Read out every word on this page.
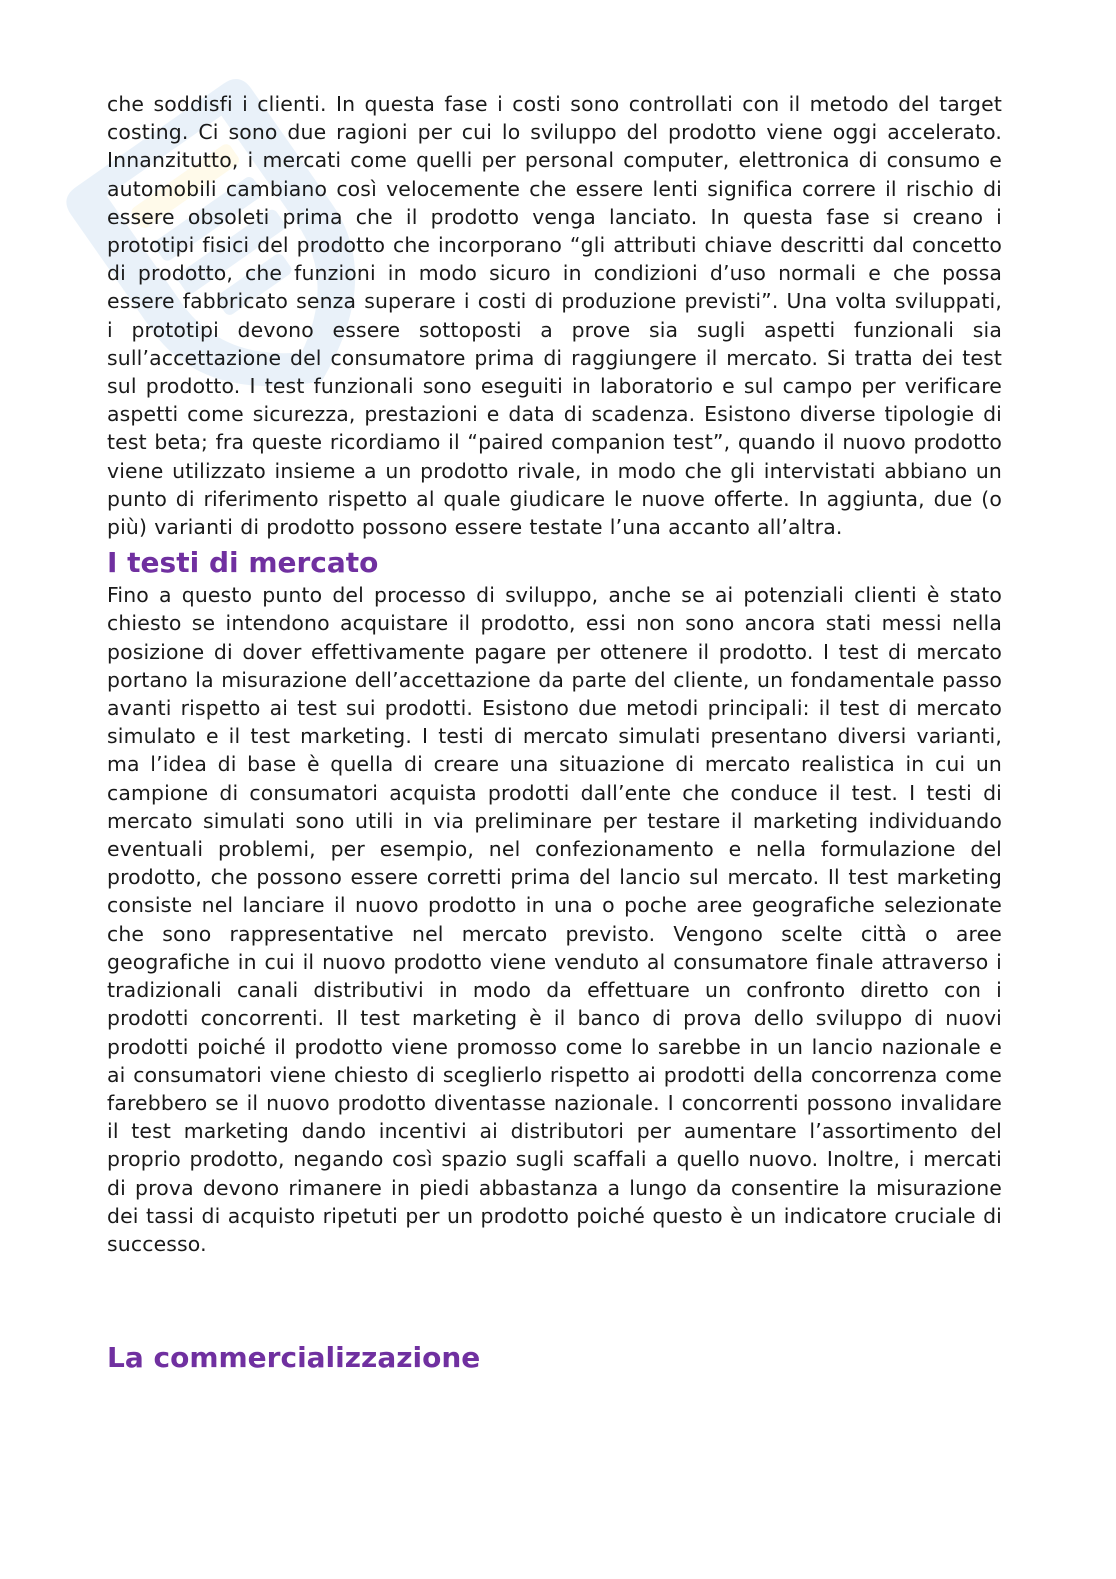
che soddisfi i clienti. In questa fase i costi sono controllati con il metodo del target costing. Ci sono due ragioni per cui lo sviluppo del prodotto viene oggi accelerato. Innanzitutto, i mercati come quelli per personal computer, elettronica di consumo e automobili cambiano così velocemente che essere lenti significa correre il rischio di essere obsoleti prima che il prodotto venga lanciato. In questa fase si creano i prototipi fisici del prodotto che incorporano “gli attributi chiave descritti dal concetto di prodotto, che funzioni in modo sicuro in condizioni d’uso normali e che possa essere fabbricato senza superare i costi di produzione previsti”. Una volta sviluppati, i prototipi devono essere sottoposti a prove sia sugli aspetti funzionali sia sull’accettazione del consumatore prima di raggiungere il mercato. Si tratta dei test sul prodotto. I test funzionali sono eseguiti in laboratorio e sul campo per verificare aspetti come sicurezza, prestazioni e data di scadenza. Esistono diverse tipologie di test beta; fra queste ricordiamo il “paired companion test”, quando il nuovo prodotto viene utilizzato insieme a un prodotto rivale, in modo che gli intervistati abbiano un punto di riferimento rispetto al quale giudicare le nuove offerte. In aggiunta, due (o più) varianti di prodotto possono essere testate l’una accanto all’altra.

I testi di mercato

Fino a questo punto del processo di sviluppo, anche se ai potenziali clienti è stato chiesto se intendono acquistare il prodotto, essi non sono ancora stati messi nella posizione di dover effettivamente pagare per ottenere il prodotto. I test di mercato portano la misurazione dell’accettazione da parte del cliente, un fondamentale passo avanti rispetto ai test sui prodotti. Esistono due metodi principali: il test di mercato simulato e il test marketing. I testi di mercato simulati presentano diversi varianti, ma l’idea di base è quella di creare una situazione di mercato realistica in cui un campione di consumatori acquista prodotti dall’ente che conduce il test. I testi di mercato simulati sono utili in via preliminare per testare il marketing individuando eventuali problemi, per esempio, nel confezionamento e nella formulazione del prodotto, che possono essere corretti prima del lancio sul mercato. Il test marketing consiste nel lanciare il nuovo prodotto in una o poche aree geografiche selezionate che sono rappresentative nel mercato previsto. Vengono scelte città o aree geografiche in cui il nuovo prodotto viene venduto al consumatore finale attraverso i tradizionali canali distributivi in modo da effettuare un confronto diretto con i prodotti concorrenti. Il test marketing è il banco di prova dello sviluppo di nuovi prodotti poiché il prodotto viene promosso come lo sarebbe in un lancio nazionale e ai consumatori viene chiesto di sceglierlo rispetto ai prodotti della concorrenza come farebbero se il nuovo prodotto diventasse nazionale. I concorrenti possono invalidare il test marketing dando incentivi ai distributori per aumentare l’assortimento del proprio prodotto, negando così spazio sugli scaffali a quello nuovo. Inoltre, i mercati di prova devono rimanere in piedi abbastanza a lungo da consentire la misurazione dei tassi di acquisto ripetuti per un prodotto poiché questo è un indicatore cruciale di successo.

La commercializzazione
